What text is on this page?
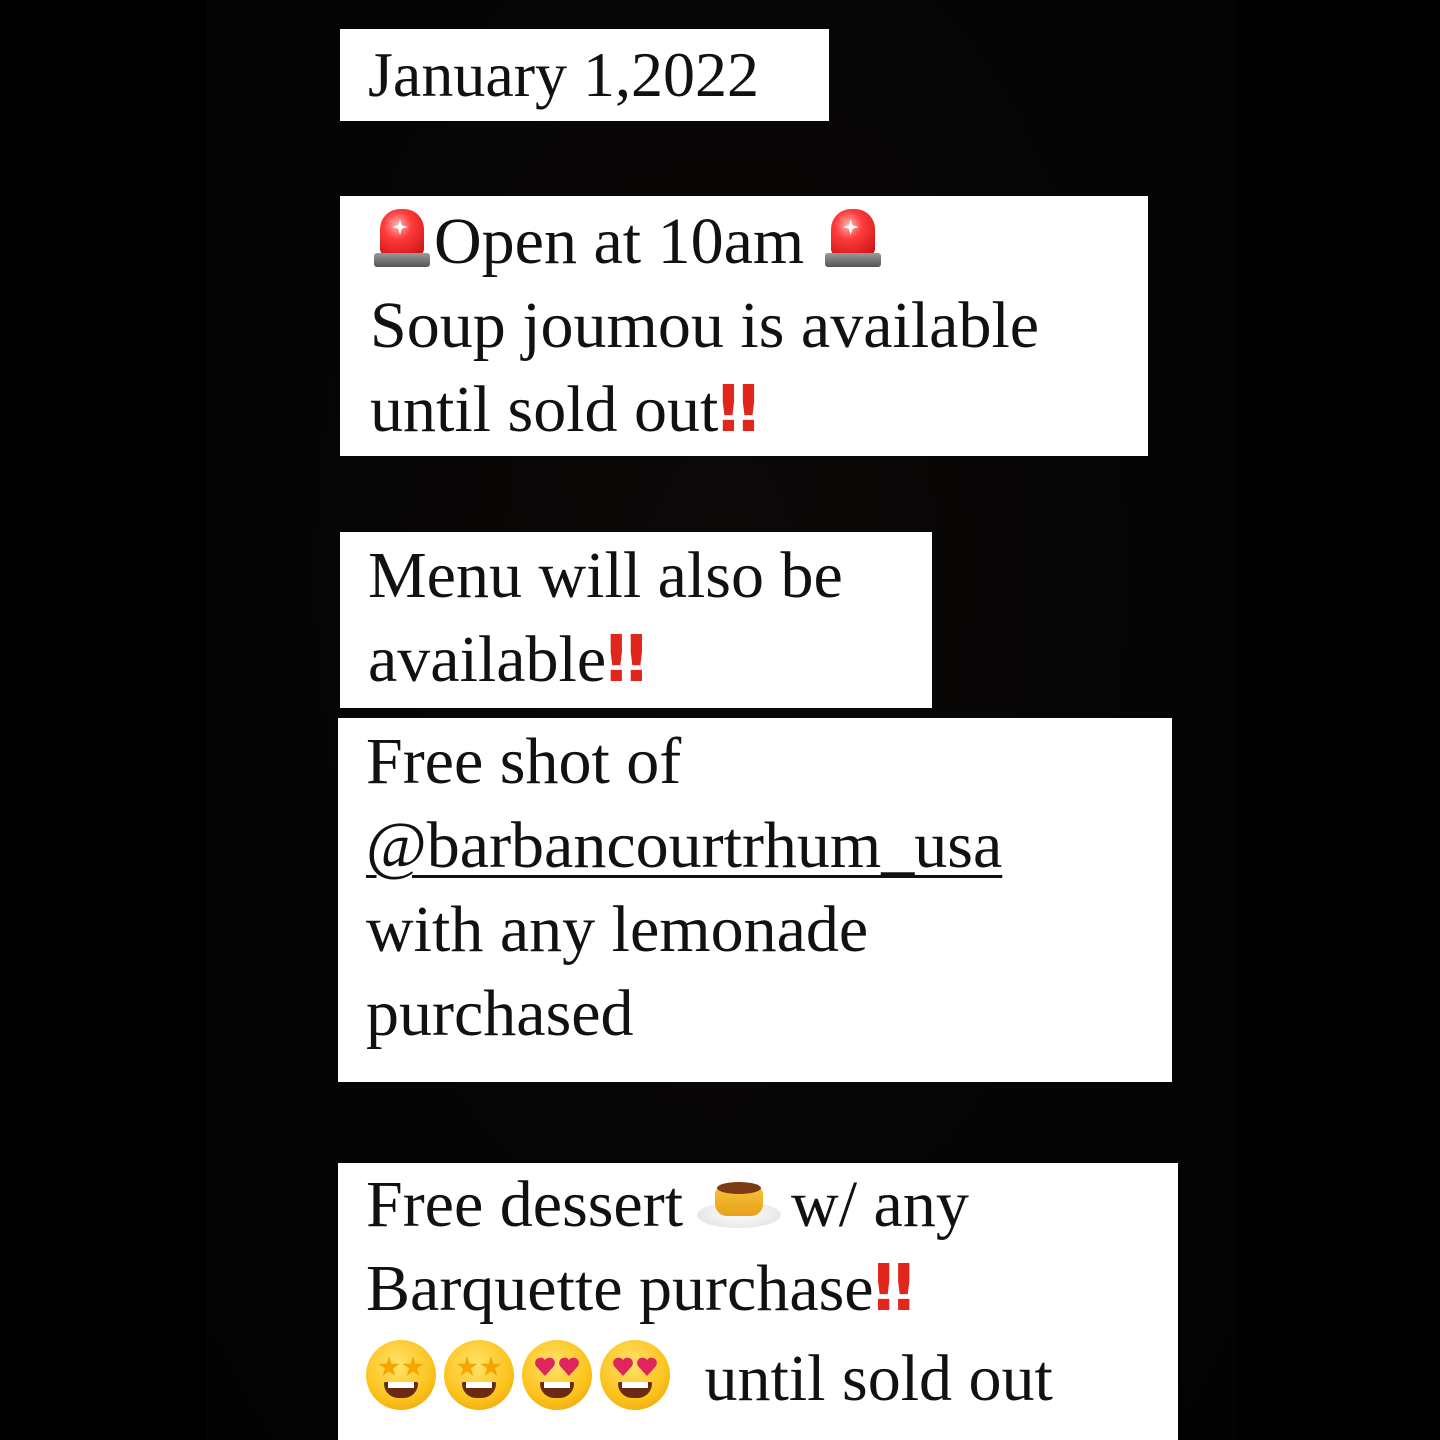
January 1,2022
Open at 10am
Soup joumou is available
until sold out‼
Menu will also be
available‼
Free shot of
@barbancourtrhum_usa
with any lemonade
purchased
Free dessert w/ any
Barquette purchase‼
until sold out
